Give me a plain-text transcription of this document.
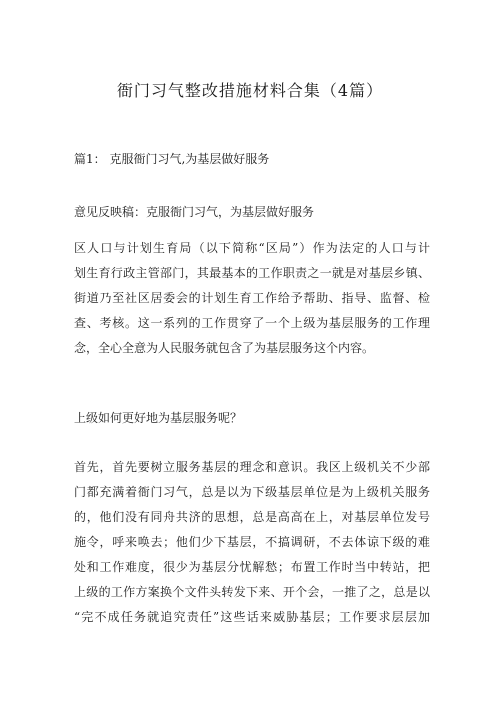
衙门习气整改措施材料合集（4篇）
篇1： 克服衙门习气,为基层做好服务
意见反映稿：克服衙门习气，为基层做好服务
区人口与计划生育局（以下简称“区局”）作为法定的人口与计
划生育行政主管部门，其最基本的工作职责之一就是对基层乡镇、
街道乃至社区居委会的计划生育工作给予帮助、指导、监督、检
查、考核。这一系列的工作贯穿了一个上级为基层服务的工作理
念，全心全意为人民服务就包含了为基层服务这个内容。
上级如何更好地为基层服务呢？
首先，首先要树立服务基层的理念和意识。我区上级机关不少部
门都充满着衙门习气，总是以为下级基层单位是为上级机关服务
的，他们没有同舟共济的思想，总是高高在上，对基层单位发号
施令，呼来唤去；他们少下基层，不搞调研，不去体谅下级的难
处和工作难度，很少为基层分忧解愁；布置工作时当中转站，把
上级的工作方案换个文件头转发下来、开个会，一推了之，总是以
“完不成任务就追究责任”这些话来威胁基层；工作要求层层加
